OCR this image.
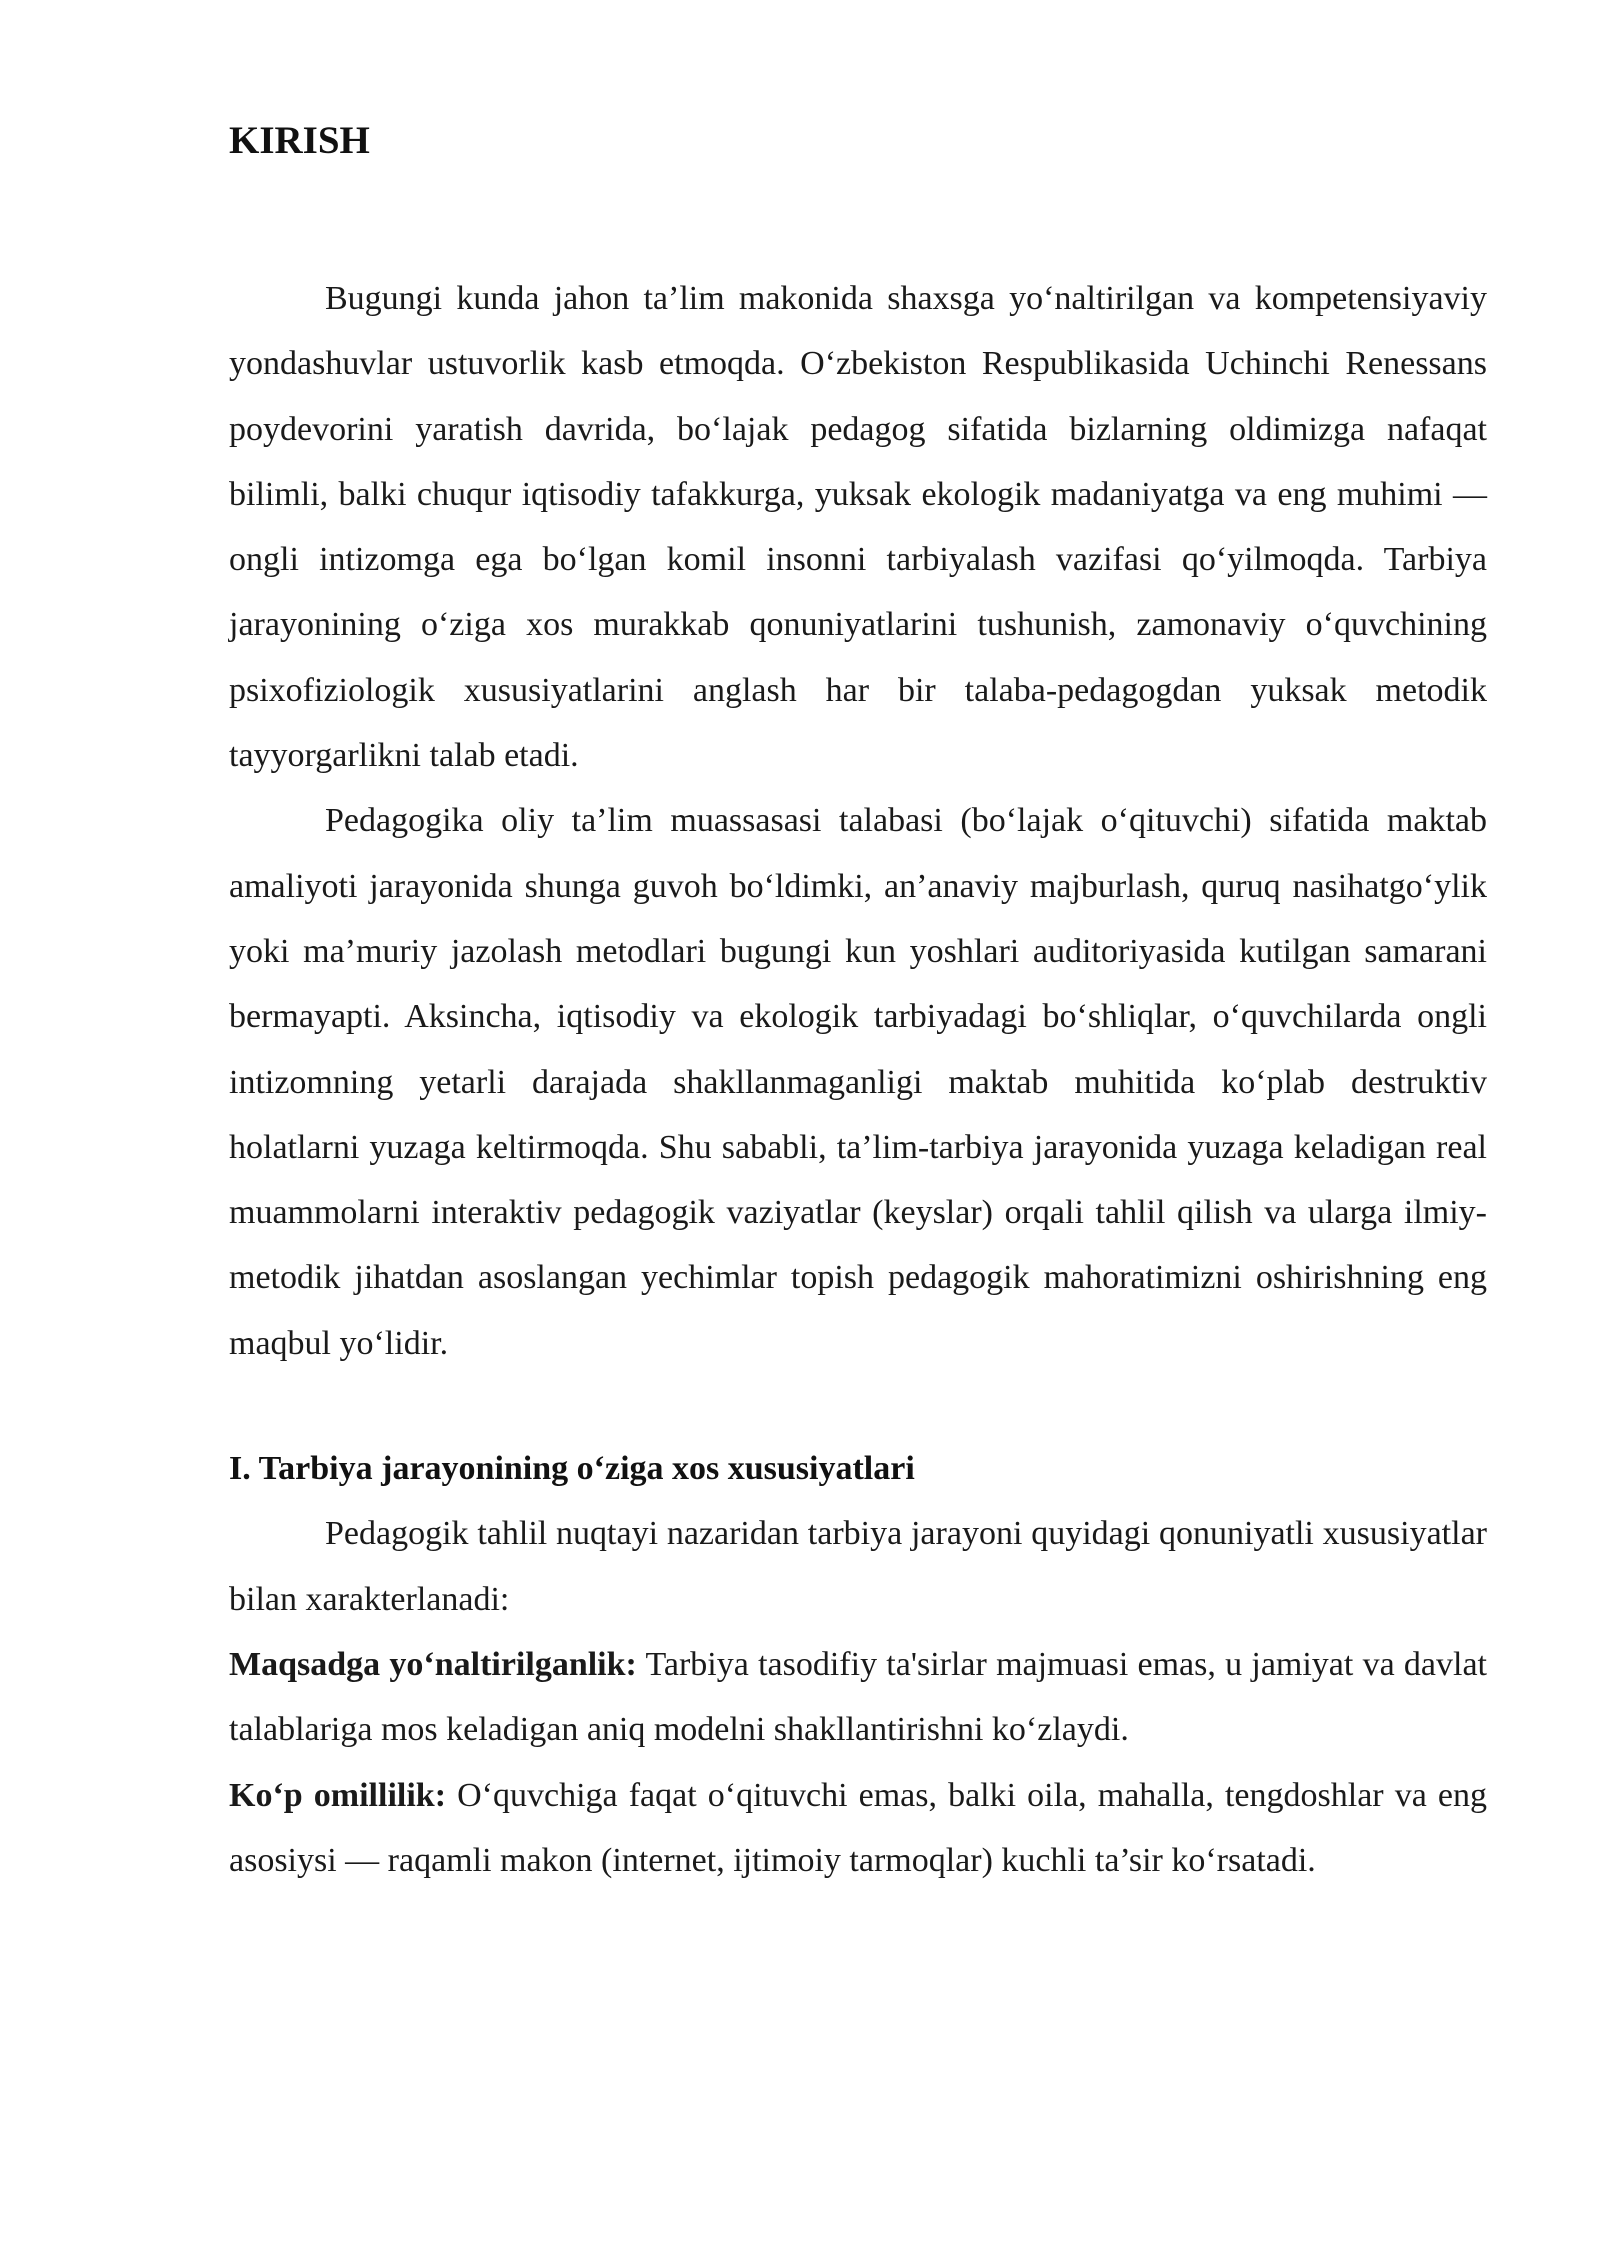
KIRISH

Bugungi kunda jahon ta’lim makonida shaxsga yo‘naltirilgan va kompetensiyaviy yondashuvlar ustuvorlik kasb etmoqda. O‘zbekiston Respublikasida Uchinchi Renessans poydevorini yaratish davrida, bo‘lajak pedagog sifatida bizlarning oldimizga nafaqat bilimli, balki chuqur iqtisodiy tafakkurga, yuksak ekologik madaniyatga va eng muhimi — ongli intizomga ega bo‘lgan komil insonni tarbiyalash vazifasi qo‘yilmoqda. Tarbiya jarayonining o‘ziga xos murakkab qonuniyatlarini tushunish, zamonaviy o‘quvchining psixofiziologik xususiyatlarini anglash har bir talaba-pedagogdan yuksak metodik tayyorgarlikni talab etadi.

Pedagogika oliy ta’lim muassasasi talabasi (bo‘lajak o‘qituvchi) sifatida maktab amaliyoti jarayonida shunga guvoh bo‘ldimki, an’anaviy majburlash, quruq nasihatgo‘ylik yoki ma’muriy jazolash metodlari bugungi kun yoshlari auditoriyasida kutilgan samarani bermayapti. Aksincha, iqtisodiy va ekologik tarbiyadagi bo‘shliqlar, o‘quvchilarda ongli intizomning yetarli darajada shakllanmaganligi maktab muhitida ko‘plab destruktiv holatlarni yuzaga keltirmoqda. Shu sababli, ta’lim-tarbiya jarayonida yuzaga keladigan real muammolarni interaktiv pedagogik vaziyatlar (keyslar) orqali tahlil qilish va ularga ilmiy-metodik jihatdan asoslangan yechimlar topish pedagogik mahoratimizni oshirishning eng maqbul yo‘lidir.

I. Tarbiya jarayonining o‘ziga xos xususiyatlari

Pedagogik tahlil nuqtayi nazaridan tarbiya jarayoni quyidagi qonuniyatli xususiyatlar bilan xarakterlanadi:

Maqsadga yo‘naltirilganlik: Tarbiya tasodifiy ta'sirlar majmuasi emas, u jamiyat va davlat talablariga mos keladigan aniq modelni shakllantirishni ko‘zlaydi.

Ko‘p omillilik: O‘quvchiga faqat o‘qituvchi emas, balki oila, mahalla, tengdoshlar va eng asosiysi — raqamli makon (internet, ijtimoiy tarmoqlar) kuchli ta’sir ko‘rsatadi.
